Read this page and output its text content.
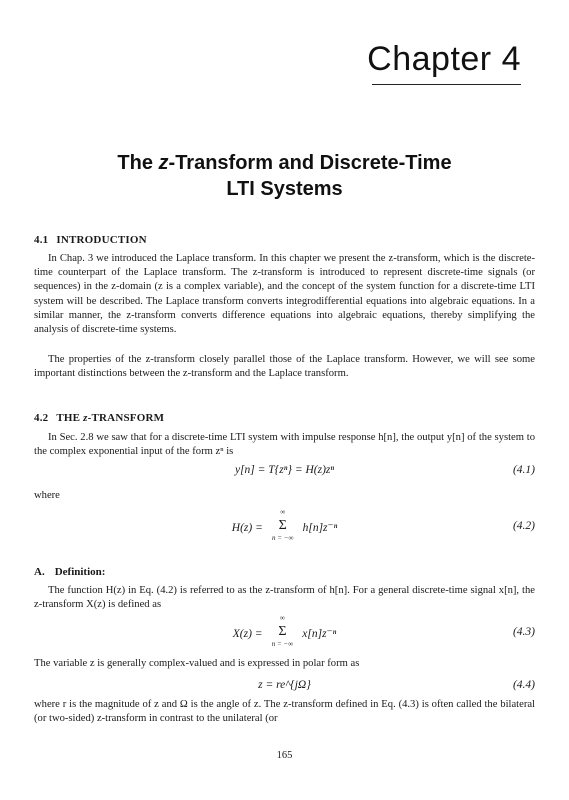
Chapter 4
The z-Transform and Discrete-Time
LTI Systems
4.1 INTRODUCTION

In Chap. 3 we introduced the Laplace transform. In this chapter we present the z-transform, which is the discrete-time counterpart of the Laplace transform. The z-transform is introduced to represent discrete-time signals (or sequences) in the z-domain (z is a complex variable), and the concept of the system function for a discrete-time LTI system will be described. The Laplace transform converts integrodifferential equations into algebraic equations. In a similar manner, the z-transform converts difference equations into algebraic equations, thereby simplifying the analysis of discrete-time systems.

The properties of the z-transform closely parallel those of the Laplace transform. However, we will see some important distinctions between the z-transform and the Laplace transform.

4.2 THE z-TRANSFORM

In Sec. 2.8 we saw that for a discrete-time LTI system with impulse response h[n], the output y[n] of the system to the complex exponential input of the form zⁿ is

y[n] = T{zⁿ} = H(z)zⁿ	(4.1)
where
H(z) =
∞
Σ
n = −∞
h[n]z⁻ⁿ	(4.2)
A. Definition:

The function H(z) in Eq. (4.2) is referred to as the z-transform of h[n]. For a general discrete-time signal x[n], the z-transform X(z) is defined as

X(z) =
∞
Σ
n = −∞
x[n]z⁻ⁿ	(4.3)

The variable z is generally complex-valued and is expressed in polar form as

z = re^{jΩ}	(4.4)

where r is the magnitude of z and Ω is the angle of z. The z-transform defined in Eq. (4.3) is often called the bilateral (or two-sided) z-transform in contrast to the unilateral (or

165
